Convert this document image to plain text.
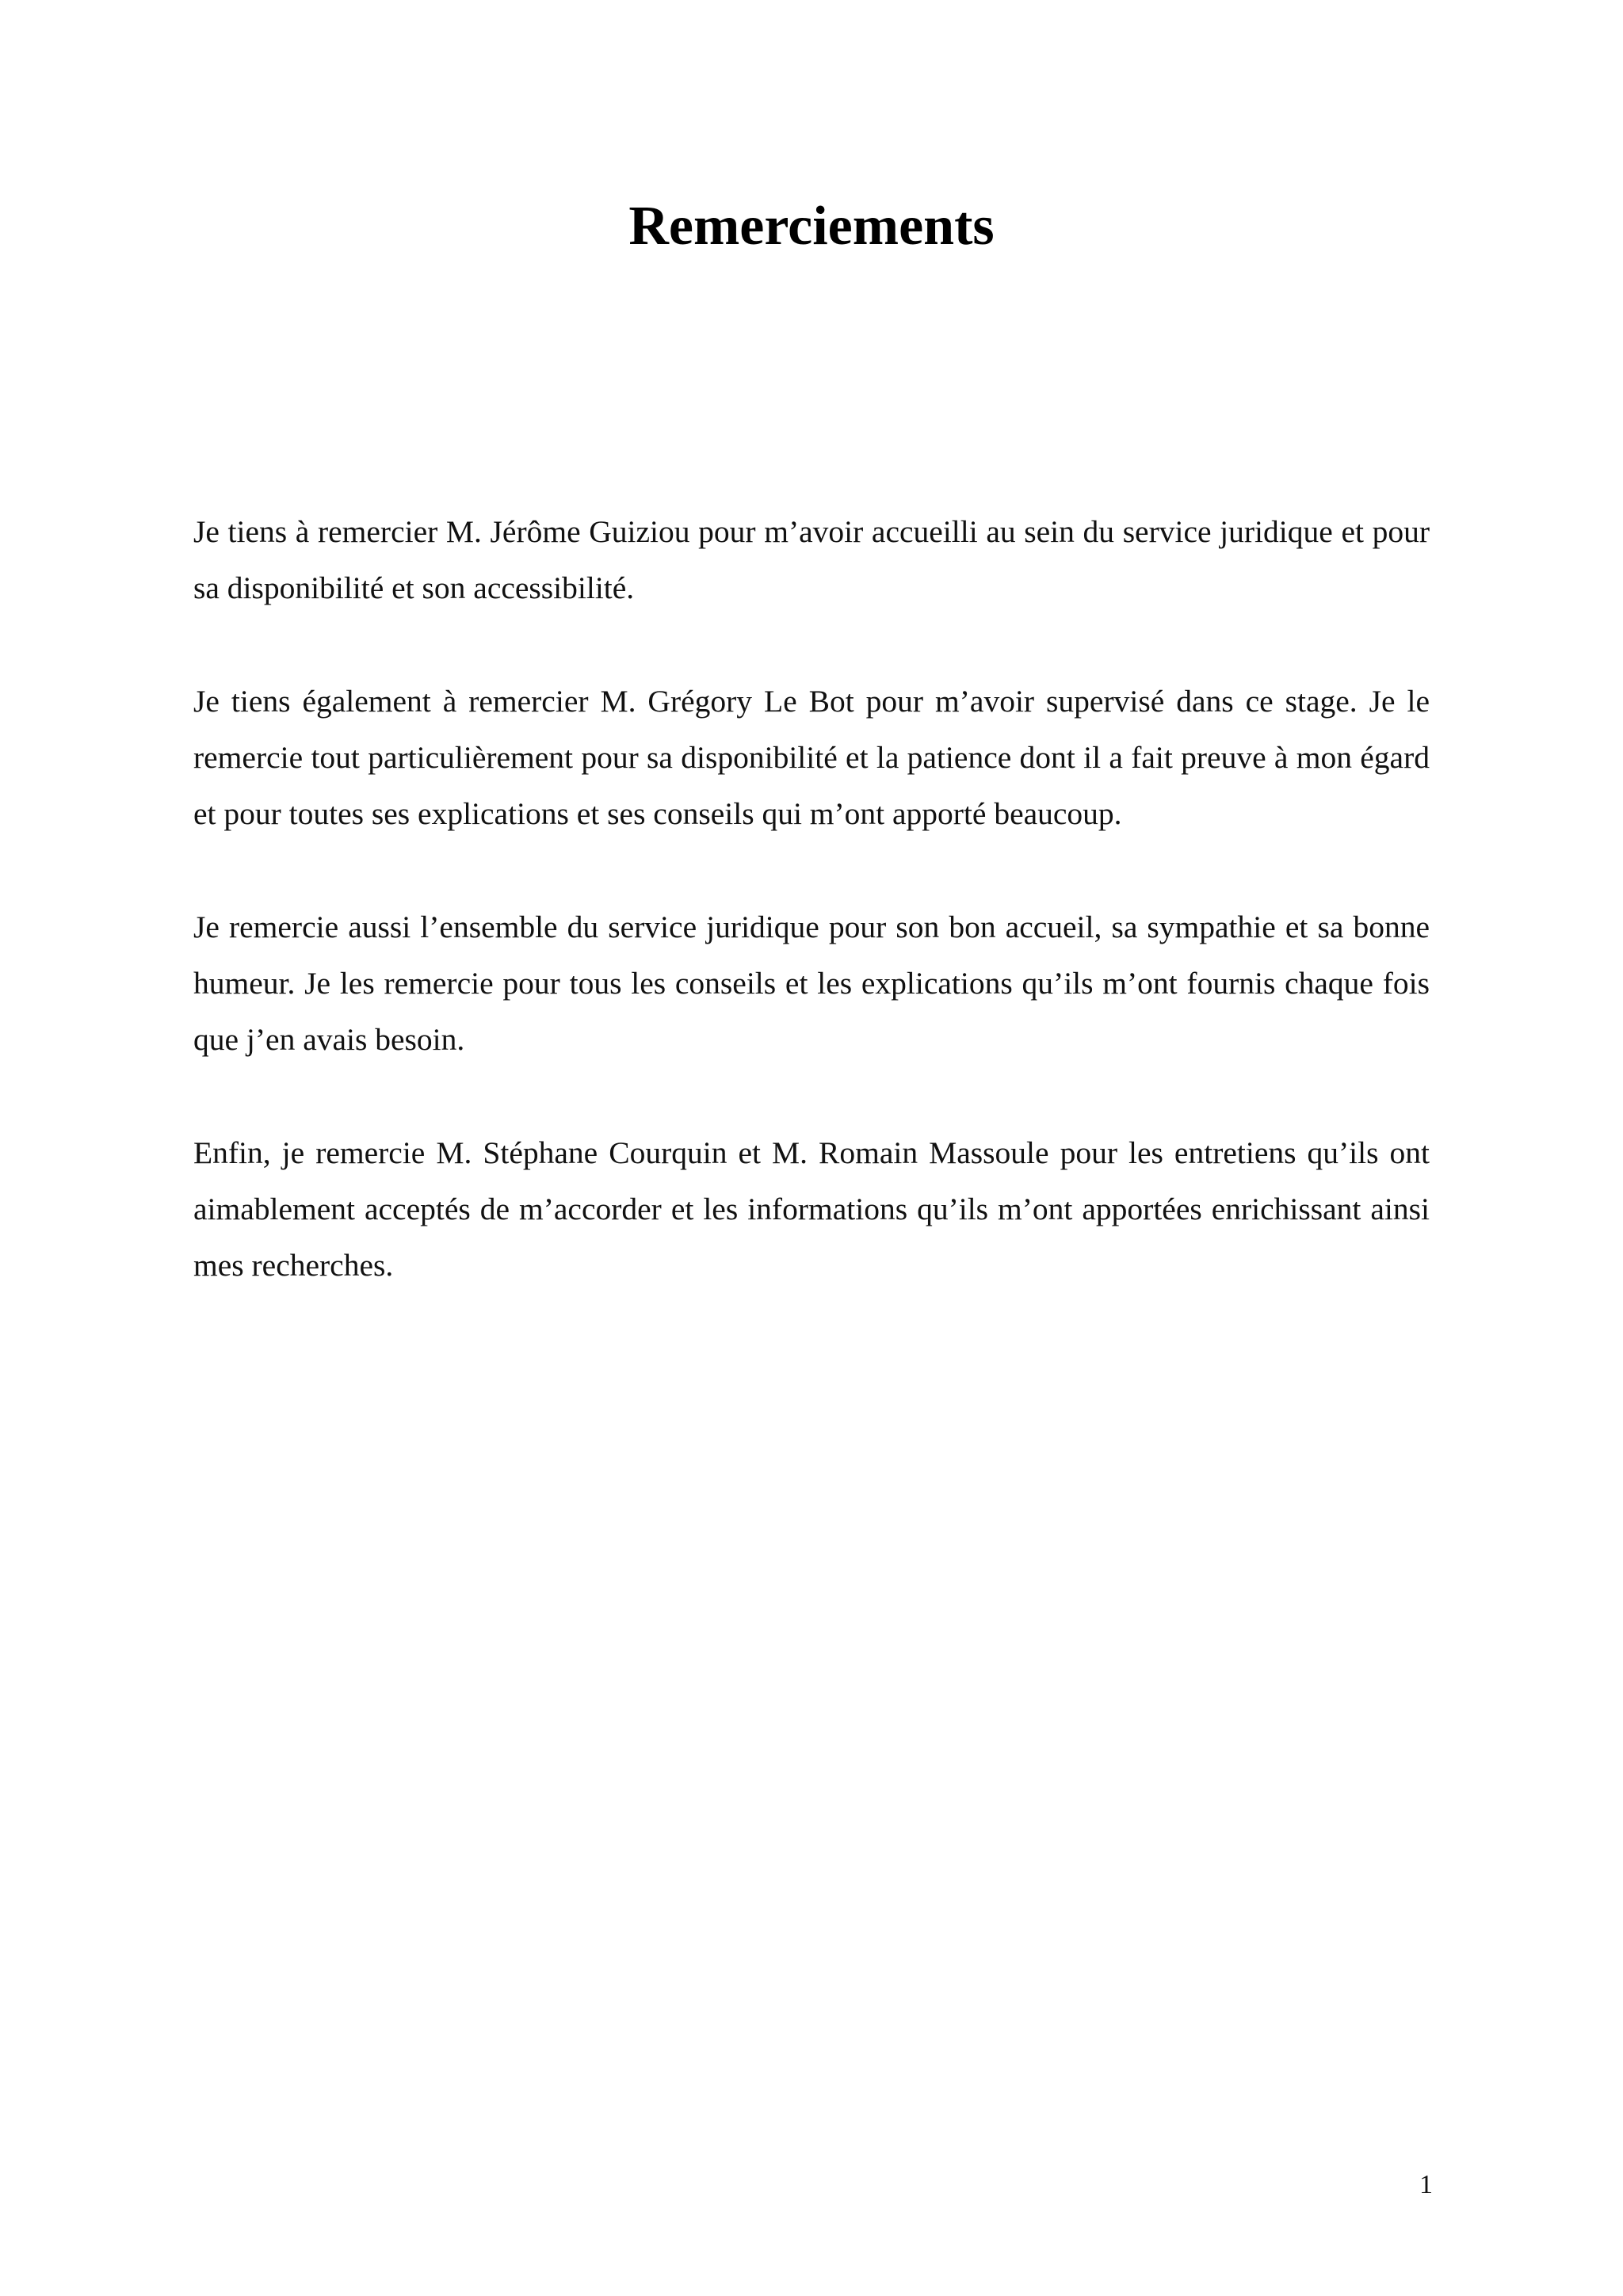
Remerciements

Je tiens à remercier M. Jérôme Guiziou pour m’avoir accueilli au sein du service juridique et pour sa disponibilité et son accessibilité.

Je tiens également à remercier M. Grégory Le Bot pour m’avoir supervisé dans ce stage. Je le remercie tout particulièrement pour sa disponibilité et la patience dont il a fait preuve à mon égard et pour toutes ses explications et ses conseils qui m’ont apporté beaucoup.

Je remercie aussi l’ensemble du service juridique pour son bon accueil, sa sympathie et sa bonne humeur. Je les remercie pour tous les conseils et les explications qu’ils m’ont fournis chaque fois que j’en avais besoin.

Enfin, je remercie M. Stéphane Courquin et M. Romain Massoule pour les entretiens qu’ils ont aimablement acceptés de m’accorder et les informations qu’ils m’ont apportées enrichissant ainsi mes recherches.

1
